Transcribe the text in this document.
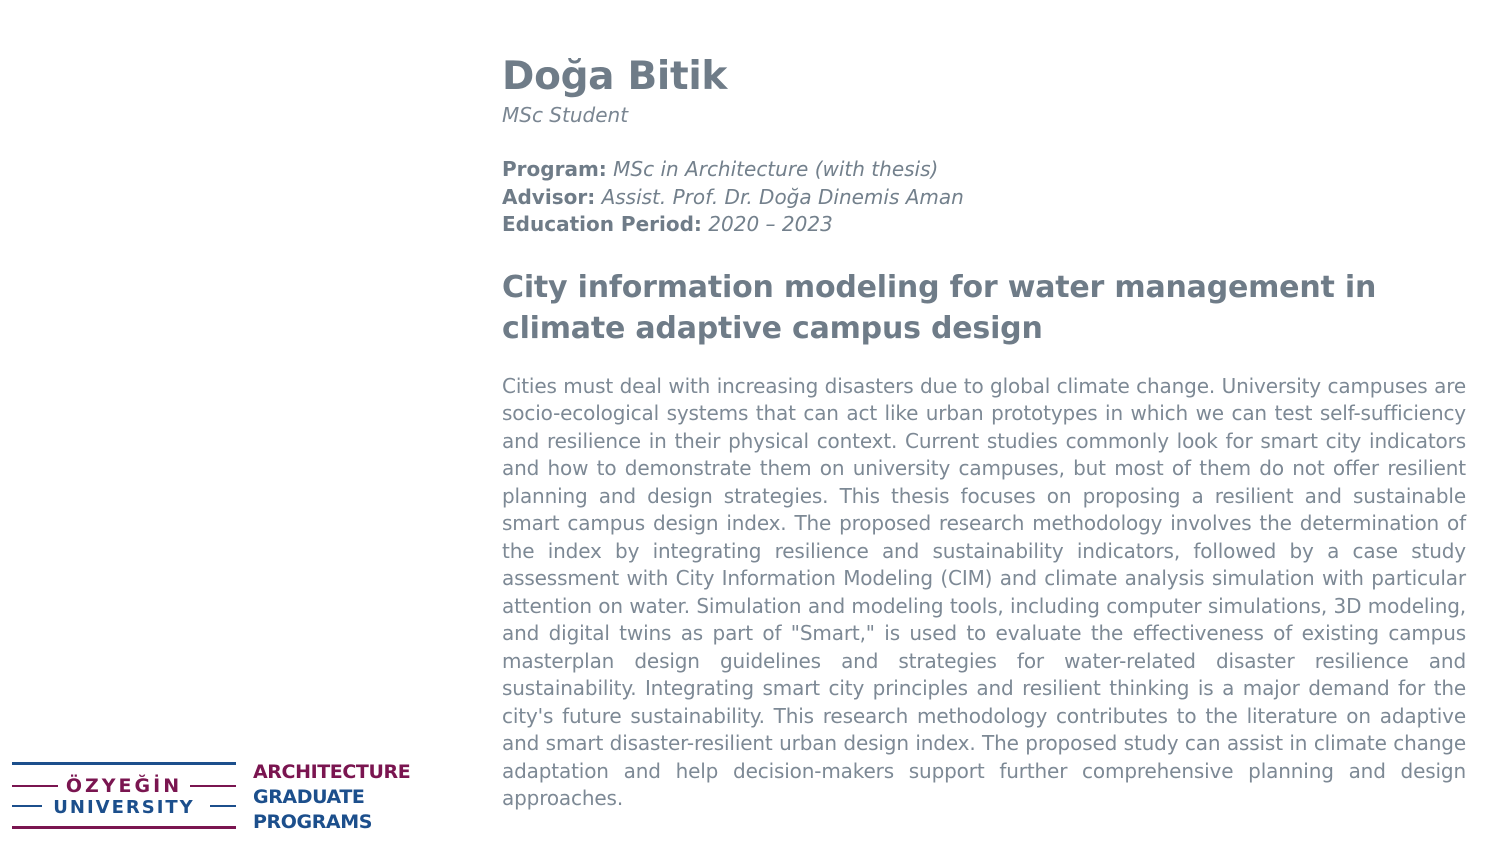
Doğa Bitik

MSc Student

Program: MSc in Architecture (with thesis)
Advisor: Assist. Prof. Dr. Doğa Dinemis Aman
Education Period: 2020 – 2023
City information modeling for water management in climate adaptive campus design

Cities must deal with increasing disasters due to global climate change. University campuses are socio-ecological systems that can act like urban prototypes in which we can test self-sufficiency and resilience in their physical context. Current studies commonly look for smart city indicators and how to demonstrate them on university campuses, but most of them do not offer resilient planning and design strategies. This thesis focuses on proposing a resilient and sustainable smart campus design index. The proposed research methodology involves the determination of the index by integrating resilience and sustainability indicators, followed by a case study assessment with City Information Modeling (CIM) and climate analysis simulation with particular attention on water. Simulation and modeling tools, including computer simulations, 3D modeling, and digital twins as part of "Smart," is used to evaluate the effectiveness of existing campus masterplan design guidelines and strategies for water-related disaster resilience and sustainability. Integrating smart city principles and resilient thinking is a major demand for the city's future sustainability. This research methodology contributes to the literature on adaptive and smart disaster-resilient urban design index. The proposed study can assist in climate change adaptation and help decision-makers support further comprehensive planning and design approaches.

ÖZYEĞİN
UNIVERSITY
ARCHITECTURE
GRADUATE
PROGRAMS
